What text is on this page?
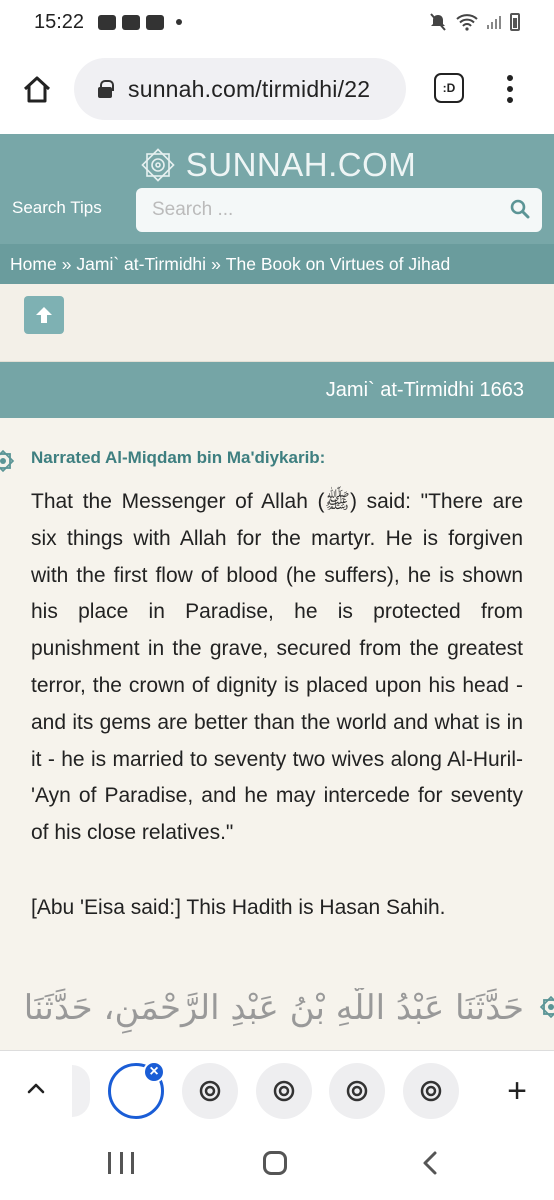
15:22
sunnah.com/tirmidhi/22	:D
SUNNAH.COM
Search Tips
Search ...
Home » Jami` at-Tirmidhi » The Book on Virtues of Jihad
Jami` at-Tirmidhi 1663
Narrated Al-Miqdam bin Ma'diykarib:
That the Messenger of Allah (ﷺ) said: "There are six things with Allah for the martyr. He is forgiven with the first flow of blood (he suffers), he is shown his place in Paradise, he is protected from punishment in the grave, secured from the greatest terror, the crown of dignity is placed upon his head - and its gems are better than the world and what is in it - he is married to seventy two wives along Al-Huril-'Ayn of Paradise, and he may intercede for seventy of his close relatives."
[Abu 'Eisa said:] This Hadith is Hasan Sahih.
حَدَّثَنَا عَبْدُ اللَّهِ بْنُ عَبْدِ الرَّحْمَنِ، حَدَّثَنَا
×	+
